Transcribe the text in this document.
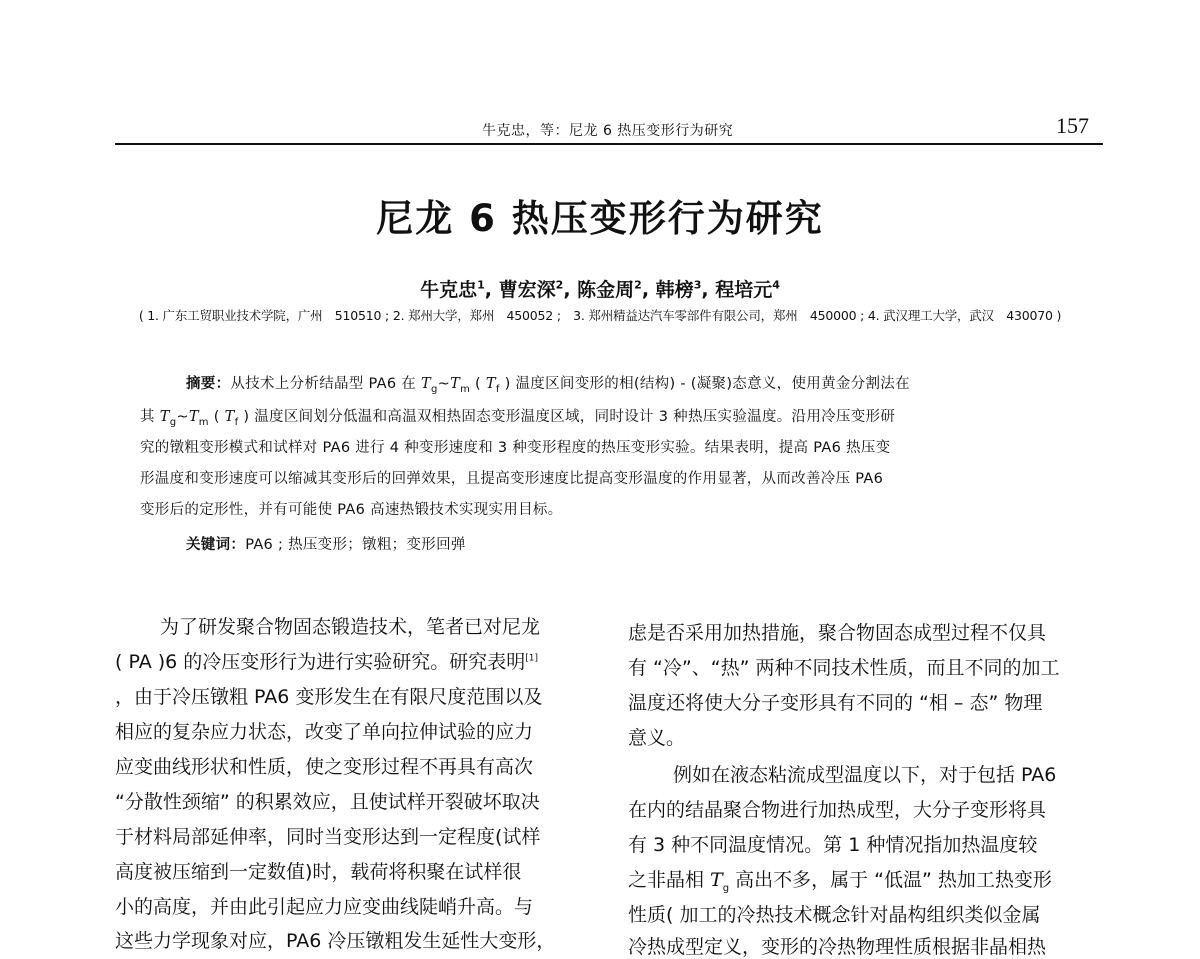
牛克忠，等：尼龙 6 热压变形行为研究	157
尼龙 6 热压变形行为研究
牛克忠$^1$, 曹宏深$^2$, 陈金周$^2$, 韩榜$^3$, 程培元$^4$
( 1. 广东工贸职业技术学院，广州　510510 ; 2. 郑州大学，郑州　450052 ;　3. 郑州精益达汽车零部件有限公司，郑州　450000 ; 4. 武汉理工大学，武汉　430070 )
摘要：从技术上分析结晶型 PA6 在 $T_g\sim T_m$ ( $T_f$ ) 温度区间变形的相(结构) - (凝聚)态意义，使用黄金分割法在
其 $T_g\sim T_m$ ( $T_f$ ) 温度区间划分低温和高温双相热固态变形温度区域，同时设计 3 种热压实验温度。沿用冷压变形研
究的镦粗变形模式和试样对 PA6 进行 4 种变形速度和 3 种变形程度的热压变形实验。结果表明，提高 PA6 热压变
形温度和变形速度可以缩减其变形后的回弹效果，且提高变形速度比提高变形温度的作用显著，从而改善冷压 PA6
变形后的定形性，并有可能使 PA6 高速热锻技术实现实用目标。
关键词：PA6 ; 热压变形；镦粗；变形回弹
为了研发聚合物固态锻造技术，笔者已对尼龙
( PA )6 的冷压变形行为进行实验研究。研究表明[1]
，由于冷压镦粗 PA6 变形发生在有限尺度范围以及
相应的复杂应力状态，改变了单向拉伸试验的应力
应变曲线形状和性质，使之变形过程不再具有高次
“分散性颈缩” 的积累效应，且使试样开裂破坏取决
于材料局部延伸率，同时当变形达到一定程度(试样
高度被压缩到一定数值)时，载荷将积聚在试样很
小的高度，并由此引起应力应变曲线陡峭升高。与
这些力学现象对应，PA6 冷压镦粗发生延性大变形，
虑是否采用加热措施，聚合物固态成型过程不仅具
有 “冷”、“热” 两种不同技术性质，而且不同的加工
温度还将使大分子变形具有不同的 “相 – 态” 物理
意义。
例如在液态粘流成型温度以下，对于包括 PA6
在内的结晶聚合物进行加热成型，大分子变形将具
有 3 种不同温度情况。第 1 种情况指加热温度较
之非晶相 $T_g$ 高出不多，属于 “低温” 热加工热变形
性质( 加工的冷热技术概念针对晶构组织类似金属
冷热成型定义，变形的冷热物理性质根据非晶相热
